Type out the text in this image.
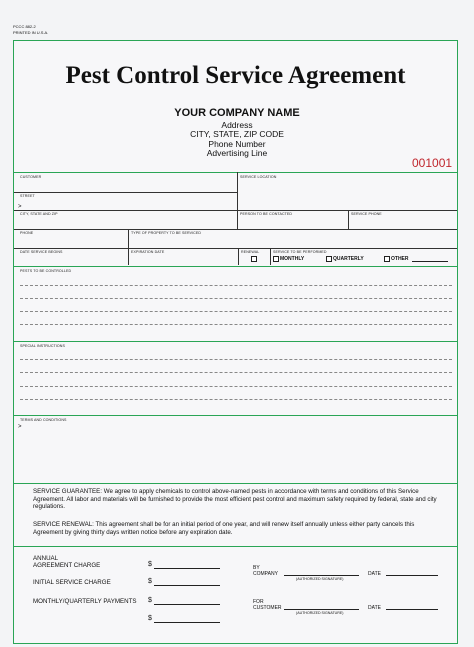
PCCC 882-2
PRINTED IN U.S.A.
Pest Control Service Agreement
YOUR COMPANY NAME
Address
CITY, STATE, ZIP CODE
Phone Number
Advertising Line
001001
CUSTOMER	SERVICE LOCATION
STREET
>
CITY, STATE AND ZIP	PERSON TO BE CONTACTED	SERVICE PHONE
PHONE	TYPE OF PROPERTY TO BE SERVICED
DATE SERVICE BEGINS	EXPIRATION DATE	RENEWAL	SERVICE TO BE PERFORMED
MONTHLY	QUARTERLY	OTHER
PESTS TO BE CONTROLLED
SPECIAL INSTRUCTIONS
TERMS AND CONDITIONS
>
SERVICE GUARANTEE: We agree to apply chemicals to control above-named pests in accordance with terms and conditions of this Service Agreement. All labor and materials will be furnished to provide the most efficient pest control and maximum safety required by federal, state and city regulations.
SERVICE RENEWAL: This agreement shall be for an initial period of one year, and will renew itself annually unless either party cancels this Agreement by giving thirty days written notice before any expiration date.
ANNUAL
AGREEMENT CHARGE	$
INITIAL SERVICE CHARGE	$
MONTHLY/QUARTERLY PAYMENTS $
$
BY
COMPANY
(AUTHORIZED SIGNATURE)
DATE
FOR
CUSTOMER
(AUTHORIZED SIGNATURE)
DATE
